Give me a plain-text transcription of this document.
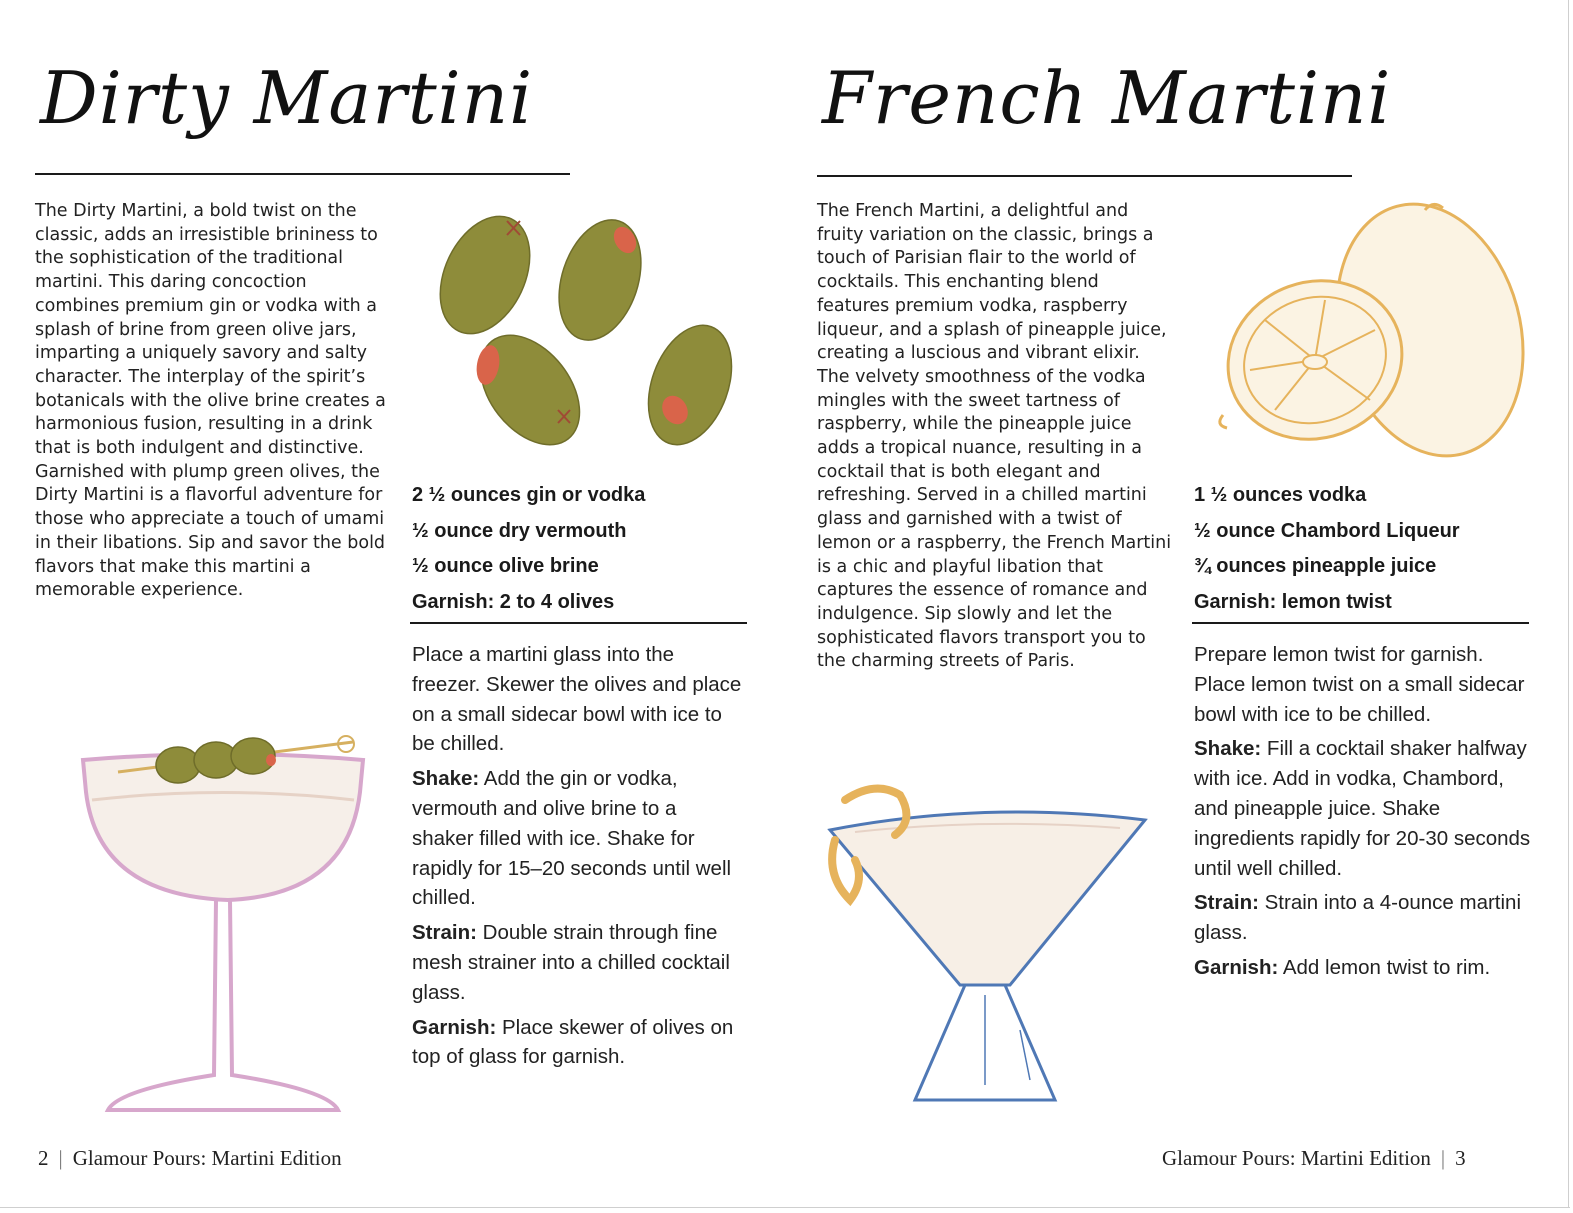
Dirty Martini

The Dirty Martini, a bold twist on the classic, adds an irresistible brininess to the sophistication of the traditional martini. This daring concoction combines premium gin or vodka with a splash of brine from green olive jars, imparting a uniquely savory and salty character. The interplay of the spirit’s botanicals with the olive brine creates a harmonious fusion, resulting in a drink that is both indulgent and distinctive. Garnished with plump green olives, the Dirty Martini is a flavorful adventure for those who appreciate a touch of umami in their libations. Sip and savor the bold flavors that make this martini a memorable experience.

2 ½ ounces gin or vodka
½ ounce dry vermouth
½ ounce olive brine
Garnish: 2 to 4 olives

Place a martini glass into the freezer. Skewer the olives and place on a small sidecar bowl with ice to be chilled.

Shake: Add the gin or vodka, vermouth and olive brine to a shaker filled with ice. Shake for rapidly for 15–20 seconds until well chilled.

Strain: Double strain through fine mesh strainer into a chilled cocktail glass.

Garnish: Place skewer of olives on top of glass for garnish.

2 | Glamour Pours: Martini Edition

French Martini

The French Martini, a delightful and fruity variation on the classic, brings a touch of Parisian flair to the world of cocktails. This enchanting blend features premium vodka, raspberry liqueur, and a splash of pineapple juice, creating a luscious and vibrant elixir. The velvety smoothness of the vodka mingles with the sweet tartness of raspberry, while the pineapple juice adds a tropical nuance, resulting in a cocktail that is both elegant and refreshing. Served in a chilled martini glass and garnished with a twist of lemon or a raspberry, the French Martini is a chic and playful libation that captures the essence of romance and indulgence. Sip slowly and let the sophisticated flavors transport you to the charming streets of Paris.

1 ½ ounces vodka
½ ounce Chambord Liqueur
¾ ounces pineapple juice
Garnish: lemon twist

Prepare lemon twist for garnish. Place lemon twist on a small sidecar bowl with ice to be chilled.

Shake: Fill a cocktail shaker halfway with ice. Add in vodka, Chambord, and pineapple juice. Shake ingredients rapidly for 20-30 seconds until well chilled.

Strain: Strain into a 4-ounce martini glass.

Garnish: Add lemon twist to rim.

Glamour Pours: Martini Edition | 3
